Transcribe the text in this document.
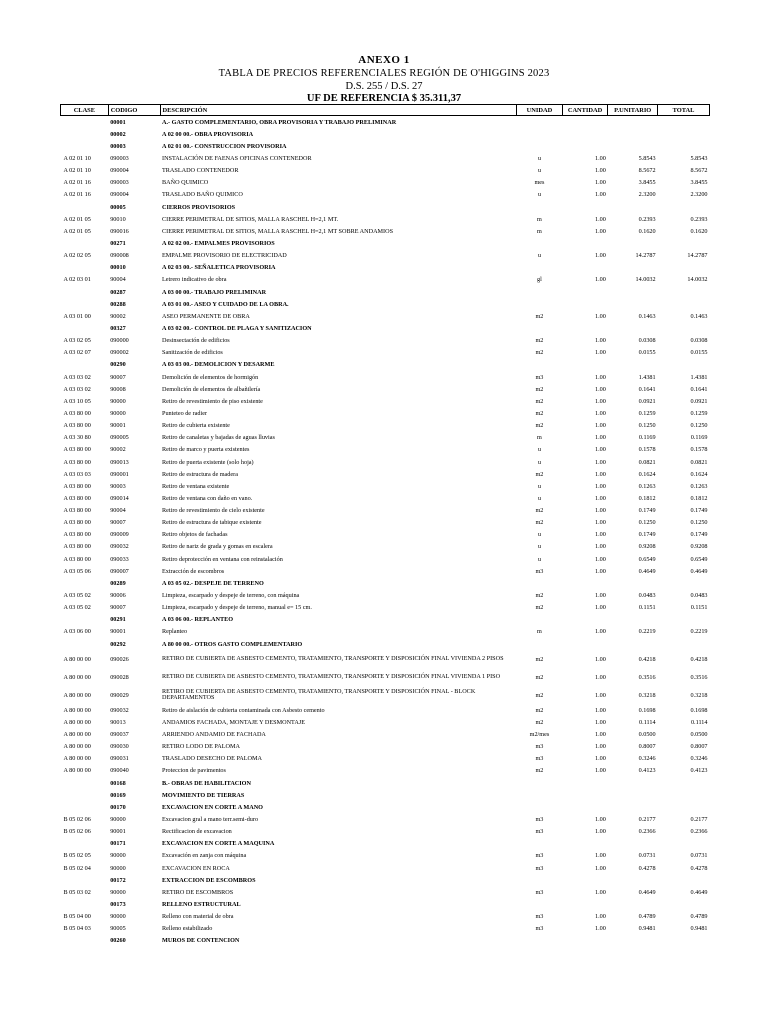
ANEXO 1
TABLA DE PRECIOS REFERENCIALES REGIÓN DE O'HIGGINS 2023
D.S. 255 / D.S. 27
UF DE REFERENCIA $ 35.311,37
CLASE	CODIGO	DESCRIPCIÓN	UNIDAD	CANTIDAD	P.UNITARIO	TOTAL
	00001	A.- GASTO COMPLEMENTARIO, OBRA PROVISORIA Y TRABAJO PRELIMINAR				
	00002	A 02 00 00.- OBRA PROVISORIA				
	00003	A 02 01 00.- CONSTRUCCION PROVISORIA				
A 02 01 10	090003	INSTALACIÓN DE FAENAS OFICINAS CONTENEDOR	u	1.00	5.8543	5.8543
A 02 01 10	090004	TRASLADO CONTENEDOR	u	1.00	8.5672	8.5672
A 02 01 16	090003	BAÑO QUIMICO	mes	1.00	3.8455	3.8455
A 02 01 16	090004	TRASLADO BAÑO QUIMICO	u	1.00	2.3200	2.3200
	00005	CIERROS PROVISORIOS				
A 02 01 05	90010	CIERRE PERIMETRAL DE SITIOS, MALLA RASCHEL H=2,1 MT.	m	1.00	0.2393	0.2393
A 02 01 05	090016	CIERRE PERIMETRAL DE SITIOS, MALLA RASCHEL H=2,1 MT SOBRE ANDAMIOS	m	1.00	0.1620	0.1620
	00271	A 02 02 00.- EMPALMES PROVISORIOS				
A 02 02 05	090008	EMPALME PROVISORIO DE ELECTRICIDAD	u	1.00	14.2787	14.2787
	00010	A 02 03 00.- SEÑALETICA PROVISORIA				
A 02 03 01	90004	Letrero indicativo de obra	gl	1.00	14.0032	14.0032
	00287	A 03 00 00.- TRABAJO PRELIMINAR				
	00288	A 03 01 00.- ASEO Y CUIDADO DE LA OBRA.				
A 03 01 00	90002	ASEO PERMANENTE DE OBRA	m2	1.00	0.1463	0.1463
	00327	A 03 02 00.- CONTROL DE PLAGA Y SANITIZACION				
A 03 02 05	090000	Desinsectación de edificios	m2	1.00	0.0308	0.0308
A 03 02 07	090002	Sanitización de edificios	m2	1.00	0.0155	0.0155
	00290	A 03 03 00.- DEMOLICION Y DESARME				
A 03 03 02	90007	Demolición de elementos de hormigón	m3	1.00	1.4381	1.4381
A 03 03 02	90008	Demolición de elementos de albañilería	m2	1.00	0.1641	0.1641
A 03 10 05	90000	Retiro de revestimiento de piso existente	m2	1.00	0.0921	0.0921
A 03 80 00	90000	Punteteo de radier	m2	1.00	0.1259	0.1259
A 03 80 00	90001	Retiro de cubierta existente	m2	1.00	0.1250	0.1250
A 03 30 80	090005	Retiro de canaletas y bajadas de aguas lluvias	m	1.00	0.1169	0.1169
A 03 80 00	90002	Retiro de marco y puerta existentes	u	1.00	0.1578	0.1578
A 03 80 00	090013	Retiro de puerta existente (solo hoja)	u	1.00	0.0821	0.0821
A 03 03 03	090001	Retiro de estructura de madera	m2	1.00	0.1624	0.1624
A 03 80 00	90003	Retiro de ventana existente	u	1.00	0.1263	0.1263
A 03 80 00	090014	Retiro de ventana con daño en vano.	u	1.00	0.1812	0.1812
A 03 80 00	90004	Retiro de revestimiento de cielo existente	m2	1.00	0.1749	0.1749
A 03 80 00	90007	Retiro de estructura de tabique existente	m2	1.00	0.1250	0.1250
A 03 80 00	090009	Retiro objetos de fachadas	u	1.00	0.1749	0.1749
A 03 80 00	090032	Retiro de nariz de grada y gomas en escalera	u	1.00	0.9208	0.9208
A 03 80 00	090033	Retiro deprotección en ventana con reinstalación	u	1.00	0.6549	0.6549
A 03 05 06	090007	Extracción de escombros	m3	1.00	0.4649	0.4649
	00289	A 03 05 02.- DESPEJE DE TERRENO				
A 03 05 02	90006	Limpieza, escarpado y despeje de terreno, con máquina	m2	1.00	0.0483	0.0483
A 03 05 02	90007	Limpieza, escarpado y despeje de terreno, manual e= 15 cm.	m2	1.00	0.1151	0.1151
	00291	A 03 06 00.- REPLANTEO				
A 03 06 00	90001	Replanteo	m	1.00	0.2219	0.2219
	00292	A 80 00 00.- OTROS GASTO COMPLEMENTARIO				
A 80 00 00	090026	RETIRO DE CUBIERTA DE ASBESTO CEMENTO, TRATAMIENTO, TRANSPORTE Y DISPOSICIÓN FINAL VIVIENDA 2 PISOS	m2	1.00	0.4218	0.4218
A 80 00 00	090028	RETIRO DE CUBIERTA DE ASBESTO CEMENTO, TRATAMIENTO, TRANSPORTE Y DISPOSICIÓN FINAL VIVIENDA 1 PISO	m2	1.00	0.3516	0.3516
A 80 00 00	090029	RETIRO DE CUBIERTA DE ASBESTO CEMENTO, TRATAMIENTO, TRANSPORTE Y DISPOSICIÓN FINAL - BLOCK DEPARTAMENTOS	m2	1.00	0.3218	0.3218
A 80 00 00	090032	Retiro de aislación de cubierta contaminada con Asbesto cemento	m2	1.00	0.1698	0.1698
A 80 00 00	90013	ANDAMIOS FACHADA, MONTAJE Y DESMONTAJE	m2	1.00	0.1114	0.1114
A 80 00 00	090037	ARRIENDO ANDAMIO DE FACHADA	m2/mes	1.00	0.0500	0.0500
A 80 00 00	090030	RETIRO LODO DE PALOMA	m3	1.00	0.8007	0.8007
A 80 00 00	090031	TRASLADO DESECHO DE PALOMA	m3	1.00	0.3246	0.3246
A 80 00 00	090040	Proteccion de pavimentos	m2	1.00	0.4123	0.4123
	00168	B.- OBRAS DE HABILITACION				
	00169	MOVIMIENTO DE TIERRAS				
	00170	EXCAVACION EN CORTE A MANO				
B 05 02 06	90000	Excavacion gral a mano terr.semi-duro	m3	1.00	0.2177	0.2177
B 05 02 06	90001	Rectificacion de excavacion	m3	1.00	0.2366	0.2366
	00171	EXCAVACION EN CORTE A MAQUINA				
B 05 02 05	90000	Excavación en zanja con máquina	m3	1.00	0.0731	0.0731
B 05 02 04	90000	EXCAVACION EN ROCA	m3	1.00	0.4278	0.4278
	00172	EXTRACCION DE ESCOMBROS				
B 05 03 02	90000	RETIRO DE ESCOMBROS	m3	1.00	0.4649	0.4649
	00173	RELLENO ESTRUCTURAL				
B 05 04 00	90000	Relleno con material de obra	m3	1.00	0.4789	0.4789
B 05 04 03	90005	Relleno estabilizado	m3	1.00	0.9481	0.9481
	00260	MUROS DE CONTENCION				
